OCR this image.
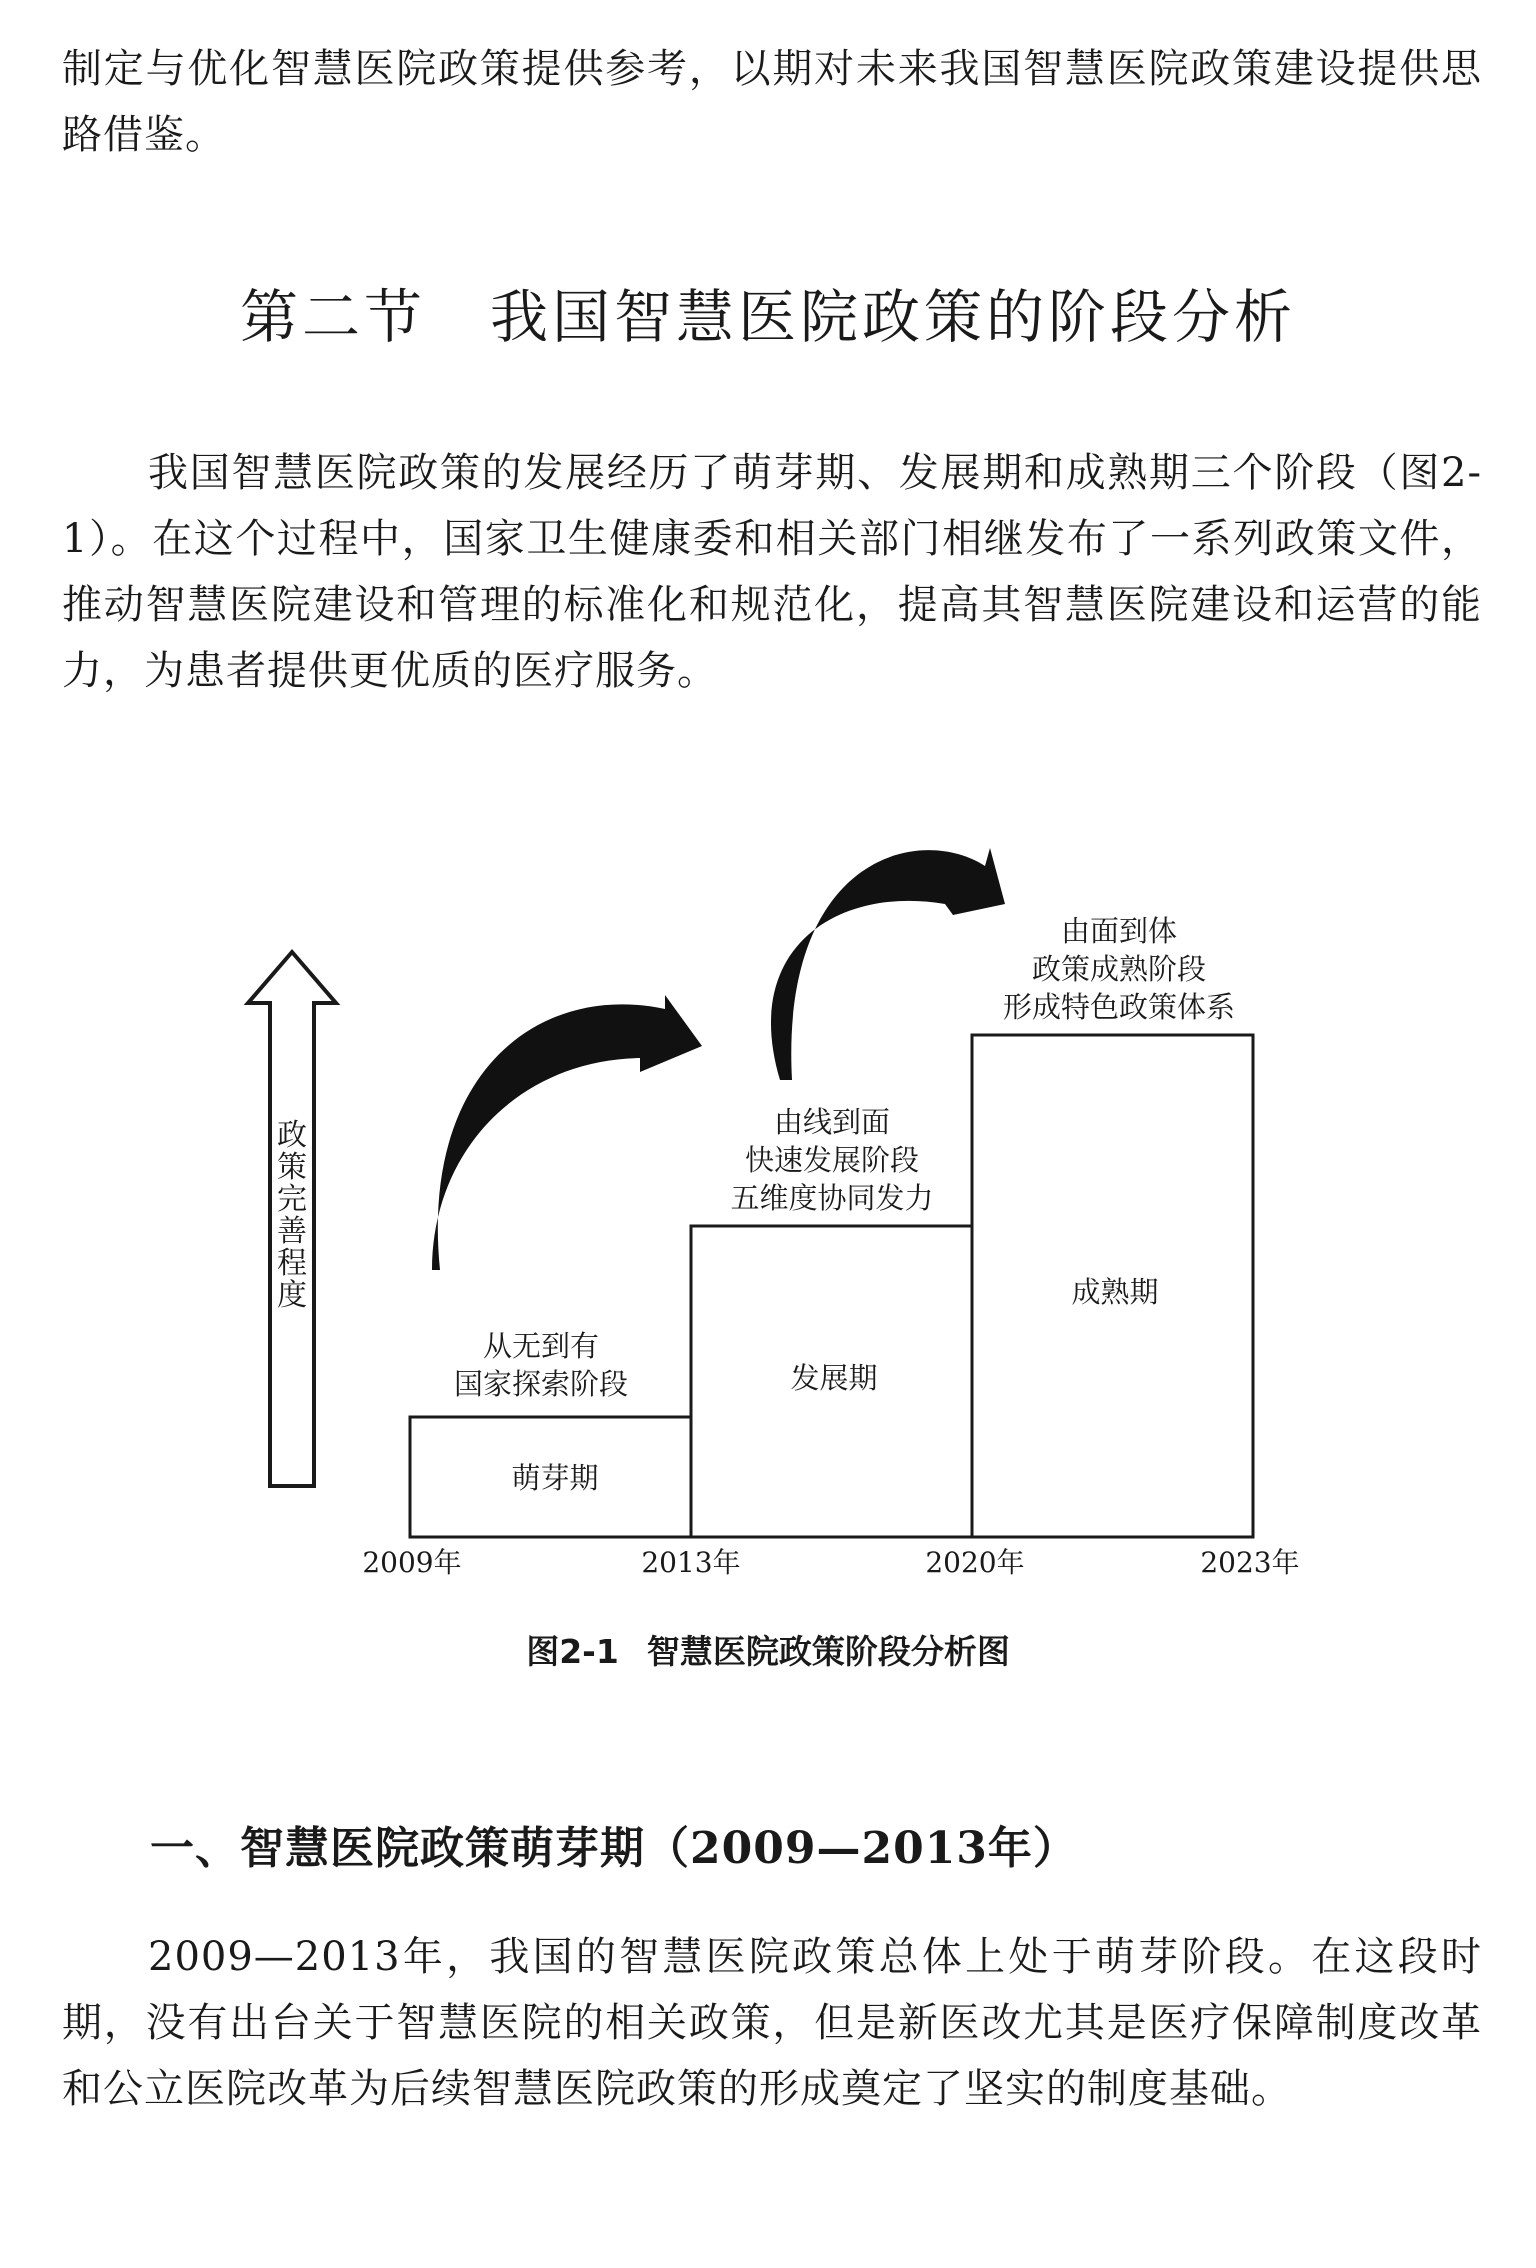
制定与优化智慧医院政策提供参考，以期对未来我国智慧医院政策建设提供思路借鉴。

第二节 我国智慧医院政策的阶段分析

我国智慧医院政策的发展经历了萌芽期、发展期和成熟期三个阶段（图2-1）。在这个过程中，国家卫生健康委和相关部门相继发布了一系列政策文件，推动智慧医院建设和管理的标准化和规范化，提高其智慧医院建设和运营的能力，为患者提供更优质的医疗服务。

政策完善程度
萌芽期
发展期
成熟期
从无到有
国家探索阶段
由线到面
快速发展阶段
五维度协同发力
由面到体
政策成熟阶段
形成特色政策体系
2009年	2013年	2020年	2023年

图2-1 智慧医院政策阶段分析图

一、智慧医院政策萌芽期（2009—2013年）

2009—2013年，我国的智慧医院政策总体上处于萌芽阶段。在这段时期，没有出台关于智慧医院的相关政策，但是新医改尤其是医疗保障制度改革和公立医院改革为后续智慧医院政策的形成奠定了坚实的制度基础。
